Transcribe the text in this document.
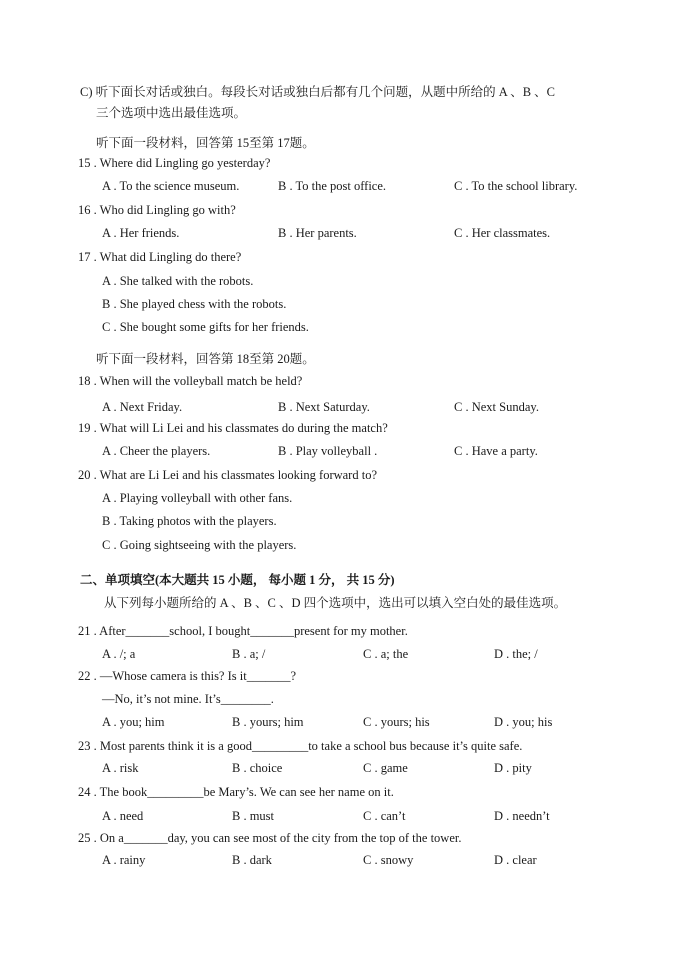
C) 听下面长对话或独白。每段长对话或独白后都有几个问题，从题中所给的 A 、B 、C
三个选项中选出最佳选项。
听下面一段材料，回答第 15至第 17题。
15 . Where did Lingling go yesterday?
A . To the science museum.	B . To the post office.	C . To the school library.
16 . Who did Lingling go with?
A . Her friends.	B . Her parents.	C . Her classmates.
17 . What did Lingling do there?
A . She talked with the robots.
B . She played chess with the robots.
C . She bought some gifts for her friends.
听下面一段材料，回答第 18至第 20题。
18 . When will the volleyball match be held?
A . Next Friday.	B . Next Saturday.	C . Next Sunday.
19 . What will Li Lei and his classmates do during the match?
A . Cheer the players.	B . Play volleyball .	C . Have a party.
20 . What are Li Lei and his classmates looking forward to?
A . Playing volleyball with other fans.
B . Taking photos with the players.
C . Going sightseeing with the players.
二、单项填空(本大题共 15 小题， 每小题 1 分， 共 15 分)
从下列每小题所给的 A 、B 、C 、D 四个选项中，选出可以填入空白处的最佳选项。
21 . After_______school, I bought_______present for my mother.
A . /; a	B . a; /	C . a; the	D . the; /
22 . —Whose camera is this? Is it_______?
—No, it’s not mine. It’s________.
A . you; him	B . yours; him	C . yours; his	D . you; his
23 . Most parents think it is a good_________to take a school bus because it’s quite safe.
A . risk	B . choice	C . game	D . pity
24 . The book_________be Mary’s. We can see her name on it.
A . need	B . must	C . can’t	D . needn’t
25 . On a_______day, you can see most of the city from the top of the tower.
A . rainy	B . dark	C . snowy	D . clear
